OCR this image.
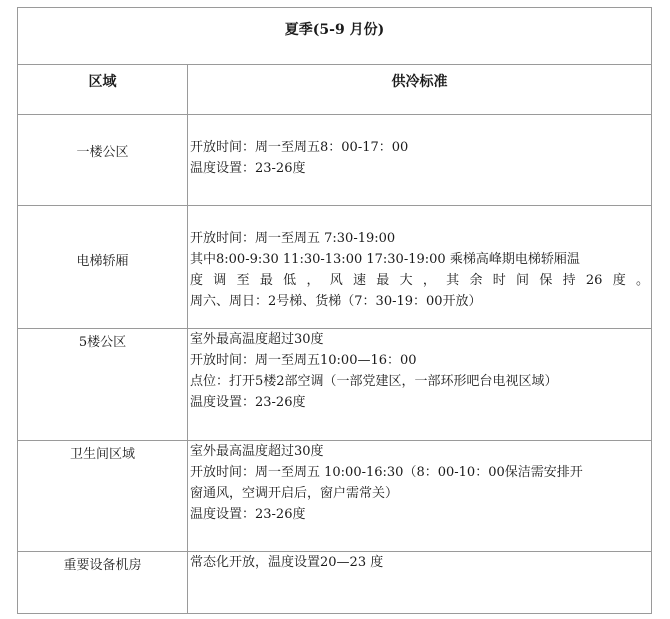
夏季(5-9 月份)	
区域	供冷标准

一楼公区	开放时间：周一至周五8：00-17：00
温度设置：23-26度

电梯轿厢	开放时间：周一至周五 7:30-19:00
其中8:00-9:30 11:30-13:00 17:30-19:00 乘梯高峰期电梯轿厢温
度调至最低，风速最大，其余时间保持26度。
周六、周日：2号梯、货梯（7：30-19：00开放）

5楼公区	室外最高温度超过30度
开放时间：周一至周五10:00—16：00
点位：打开5楼2部空调（一部党建区，一部环形吧台电视区域）
温度设置：23-26度

卫生间区域	室外最高温度超过30度
开放时间：周一至周五 10:00-16:30（8：00-10：00保洁需安排开
窗通风，空调开启后，窗户需常关）
温度设置：23-26度

重要设备机房	常态化开放，温度设置20—23 度
